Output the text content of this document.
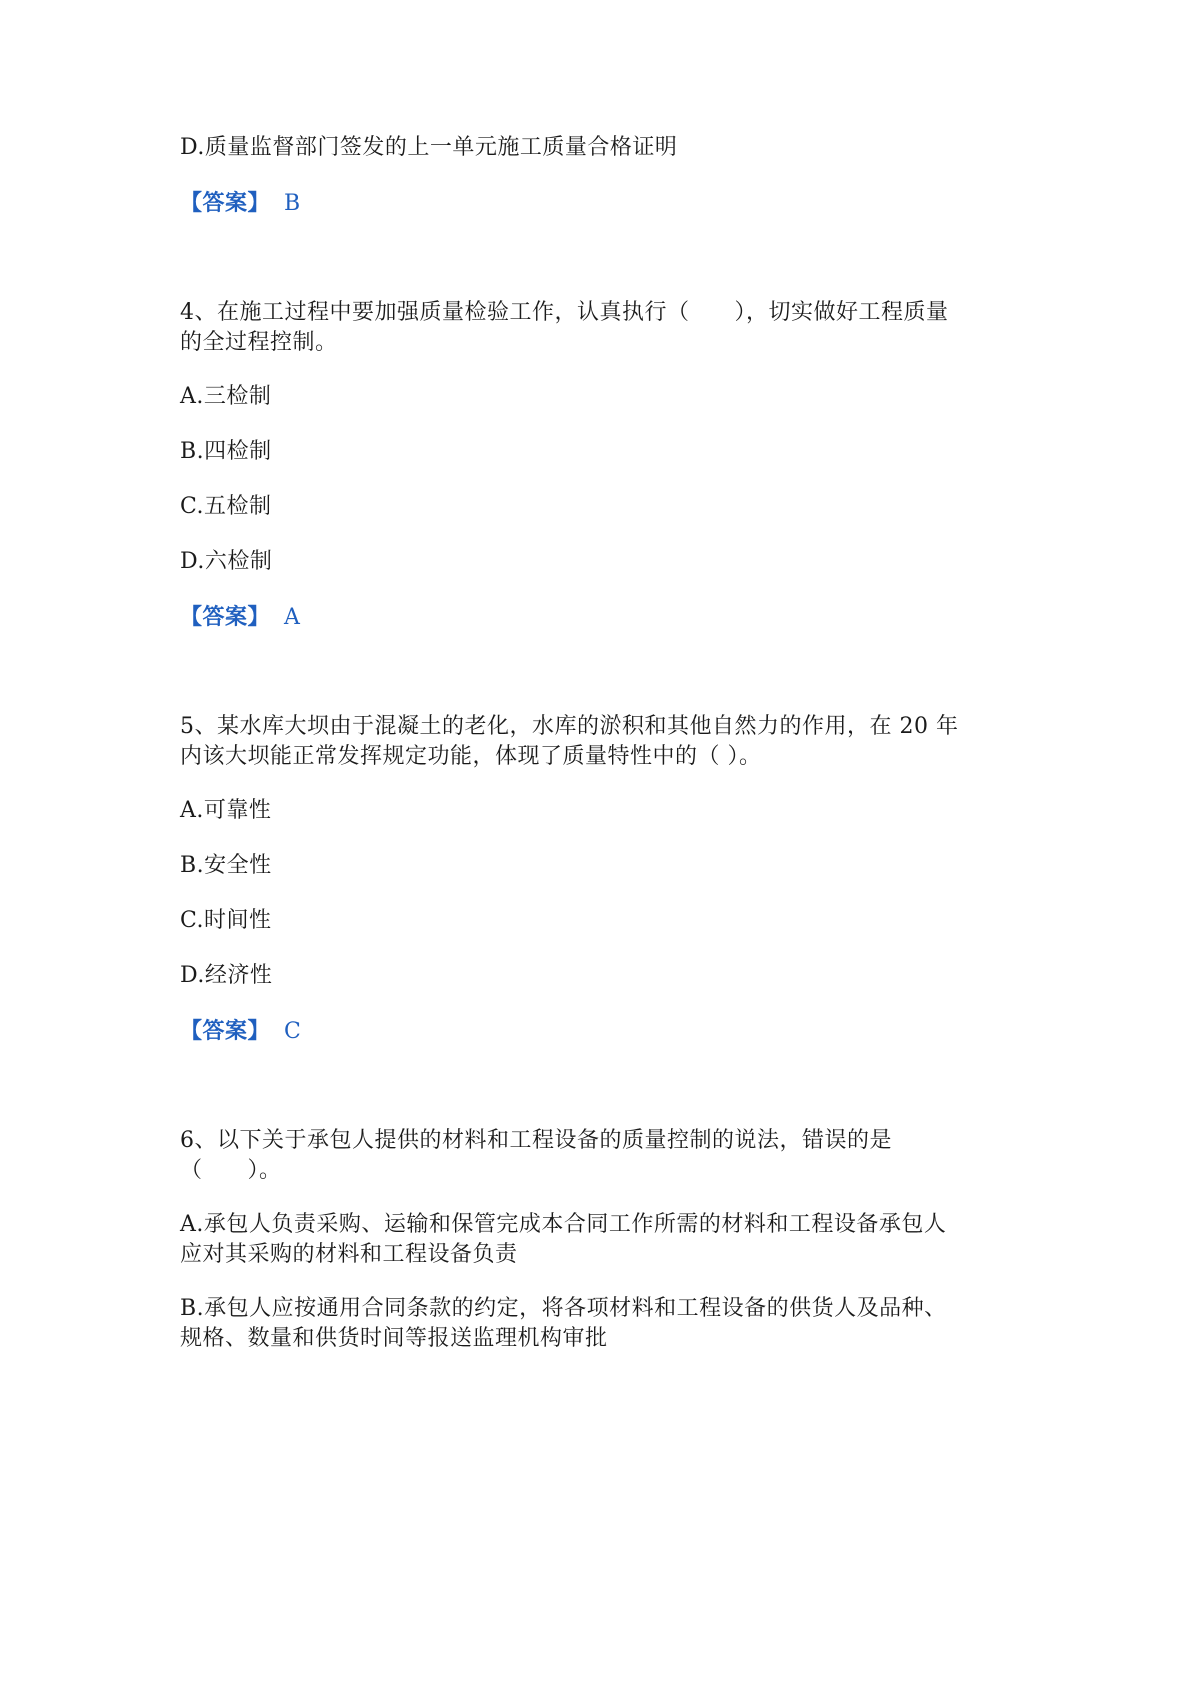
D.质量监督部门签发的上一单元施工质量合格证明
【答案】 B
4、在施工过程中要加强质量检验工作，认真执行（　　），切实做好工程质量
的全过程控制。
A.三检制
B.四检制
C.五检制
D.六检制
【答案】 A
5、某水库大坝由于混凝土的老化，水库的淤积和其他自然力的作用，在 20 年
内该大坝能正常发挥规定功能，体现了质量特性中的（ ）。
A.可靠性
B.安全性
C.时间性
D.经济性
【答案】 C
6、以下关于承包人提供的材料和工程设备的质量控制的说法，错误的是
（　　）。
A.承包人负责采购、运输和保管完成本合同工作所需的材料和工程设备承包人
应对其采购的材料和工程设备负责
B.承包人应按通用合同条款的约定，将各项材料和工程设备的供货人及品种、
规格、数量和供货时间等报送监理机构审批
